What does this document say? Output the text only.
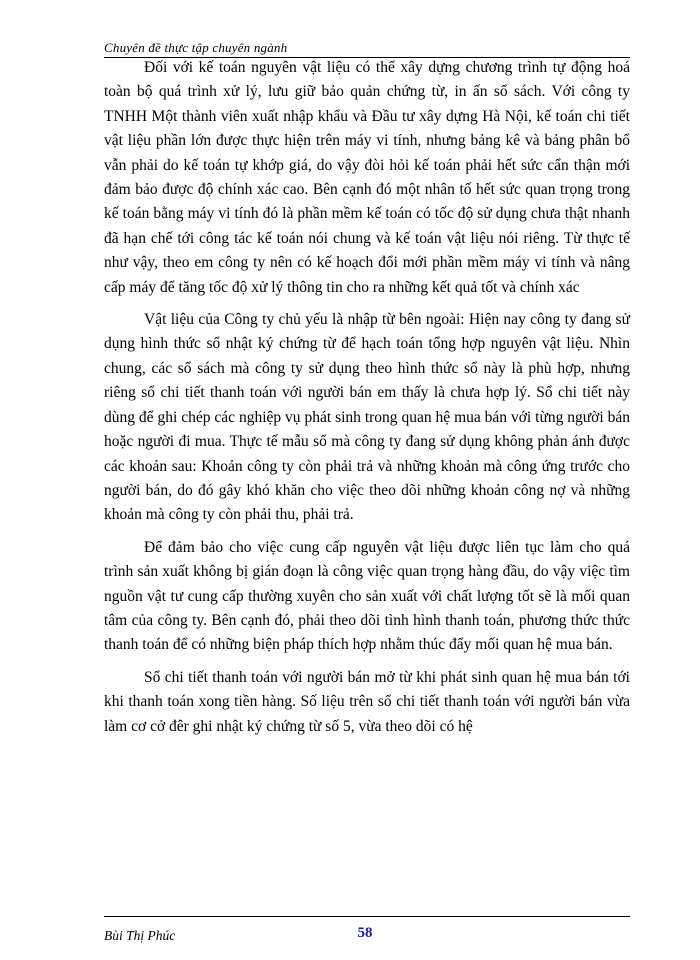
Chuyên đề thực tập chuyên ngành

Đối với kế toán nguyên vật liệu có thể xây dựng chương trình tự động hoá toàn bộ quá trình xử lý, lưu giữ bảo quản chứng từ, in ấn sổ sách. Với công ty TNHH Một thành viên xuất nhập khẩu và Đầu tư xây dựng Hà Nội, kế toán chi tiết vật liệu phần lớn được thực hiện trên máy vi tính, nhưng bảng kê và bảng phân bổ vẫn phải do kế toán tự khớp giá, do vậy đòi hỏi kế toán phải hết sức cẩn thận mới đảm bảo được độ chính xác cao. Bên cạnh đó một nhân tố hết sức quan trọng trong kế toán bằng máy vi tính đó là phần mềm kế toán có tốc độ sử dụng chưa thật nhanh đã hạn chế tới công tác kế toán nói chung và kế toán vật liệu nói riêng. Từ thực tế như vậy, theo em công ty nên có kế hoạch đổi mới phần mềm máy vi tính và nâng cấp máy để tăng tốc độ xử lý thông tin cho ra những kết quả tốt và chính xác

Vật liệu của Công ty chủ yếu là nhập từ bên ngoài: Hiện nay công ty đang sử dụng hình thức sổ nhật ký chứng từ để hạch toán tổng hợp nguyên vật liệu. Nhìn chung, các sổ sách mà công ty sử dụng theo hình thức sổ này là phù hợp, nhưng riêng sổ chi tiết thanh toán với người bán em thấy là chưa hợp lý. Sổ chi tiết này dùng để ghi chép các nghiệp vụ phát sinh trong quan hệ mua bán với từng người bán hoặc người đi mua. Thực tế mẫu sổ mà công ty đang sử dụng không phản ánh được các khoản sau: Khoản công ty còn phải trả và những khoản mà công ứng trước cho người bán, do đó gây khó khăn cho việc theo dõi những khoản công nợ và những khoản mà công ty còn phải thu, phải trả.

Để đảm bảo cho việc cung cấp nguyên vật liệu được liên tục làm cho quá trình sản xuất không bị gián đoạn là công việc quan trọng hàng đầu, do vậy việc tìm nguồn vật tư cung cấp thường xuyên cho sản xuất với chất lượng tốt sẽ là mối quan tâm của công ty. Bên cạnh đó, phải theo dõi tình hình thanh toán, phương thức thức thanh toán để có những biện pháp thích hợp nhằm thúc đẩy mối quan hệ mua bán.

Sổ chi tiết thanh toán với người bán mở từ khi phát sinh quan hệ mua bán tới khi thanh toán xong tiền hàng. Số liệu trên sổ chi tiết thanh toán với người bán vừa làm cơ cở đêr ghi nhật ký chứng từ số 5, vừa theo dõi có hệ

Bùi Thị Phúc	58
